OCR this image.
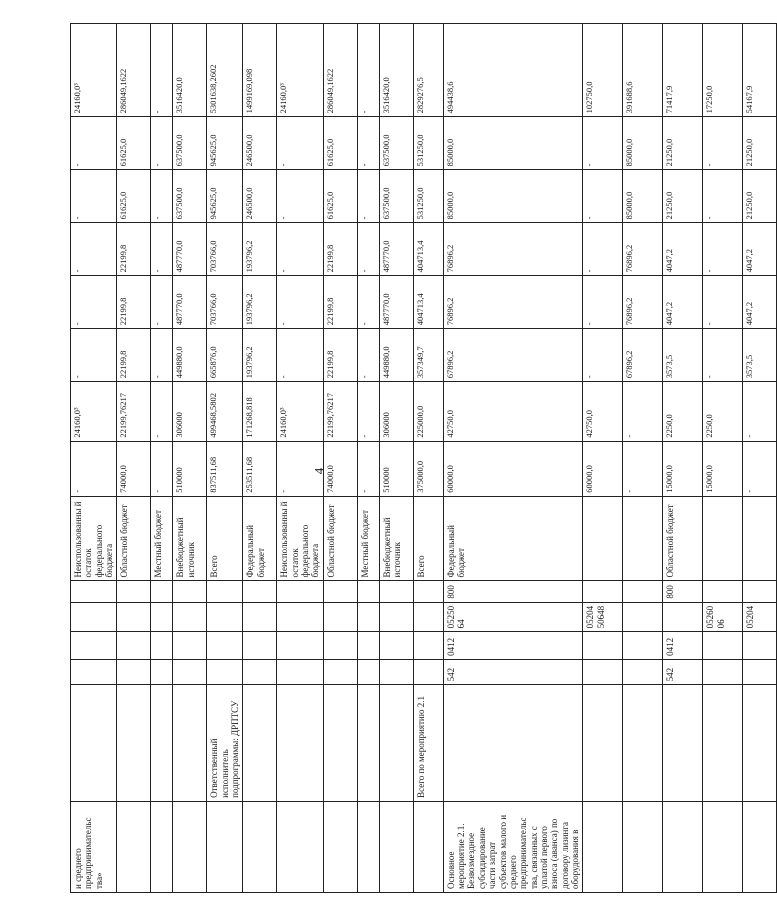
4
и среднего предпринимательс тва»						Неиспользованны й остаток федерального бюджета	-	24160,0³	-	-	-	-	-	24160,0³
						Областной бюджет	74000,0	22199,76217	22199,8	22199,8	22199,8	61625,0	61625,0	286049,1622
						Местный бюджет	-	-	-	-	-	-	-	-
						Внебюджетный источник	510000	306000	449880,0	487770,0	487770,0	637500,0	637500,0	3516420,0
	Ответственный исполнитель подпрограммы: ДРПТСУ					Всего	837511,68	499468,5802	665876,0	703766,0	703766,0	945625,0	945625,0	5301638,2602
						Федеральный бюджет	253511,68	171268,818	193796,2	193796,2	193796,2	246500,0	246500,0	1499169,098
						Неиспользованны й остаток федерального бюджета	-	24160,0³	-	-	-	-	-	24160,0³
						Областной бюджет	74000,0	22199,76217	22199,8	22199,8	22199,8	61625,0	61625,0	286049,1622
						Местный бюджет	-	-	-	-	-	-	-	-
						Внебюджетный источник	510000	306000	449880,0	487770,0	487770,0	637500,0	637500,0	3516420,0
	Всего по мероприятию 2.1					Всего	375000,0	225000,0	357349,7	404713,4	404713,4	531250,0	531250,0	2829276,5
Основное мероприятие 2.1. Безвозмездное субсидирование части затрат субъектов малого и среднего предпринимательс тва, связанных с уплатой первого взноса (аванса) по договору лизинга оборудования в		542	0412	05250 64	800	Федеральный бюджет	60000,0	42750,0	67896,2	76896,2	76896,2	85000,0	85000,0	494438,6
				05204 50648			60000,0	42750,0	-	-	-	-	-	102750,0
							-	-	67896,2	76896,2	76896,2	85000,0	85000,0	391688,6
		542	0412		800	Областной бюджет	15000,0	2250,0	3573,5	4047,2	4047,2	21250,0	21250,0	71417,9
				05260 06			15000,0	2250,0	-	-	-	-	-	17250,0
				05204			-	-	3573,5	4047,2	4047,2	21250,0	21250,0	54167,9
